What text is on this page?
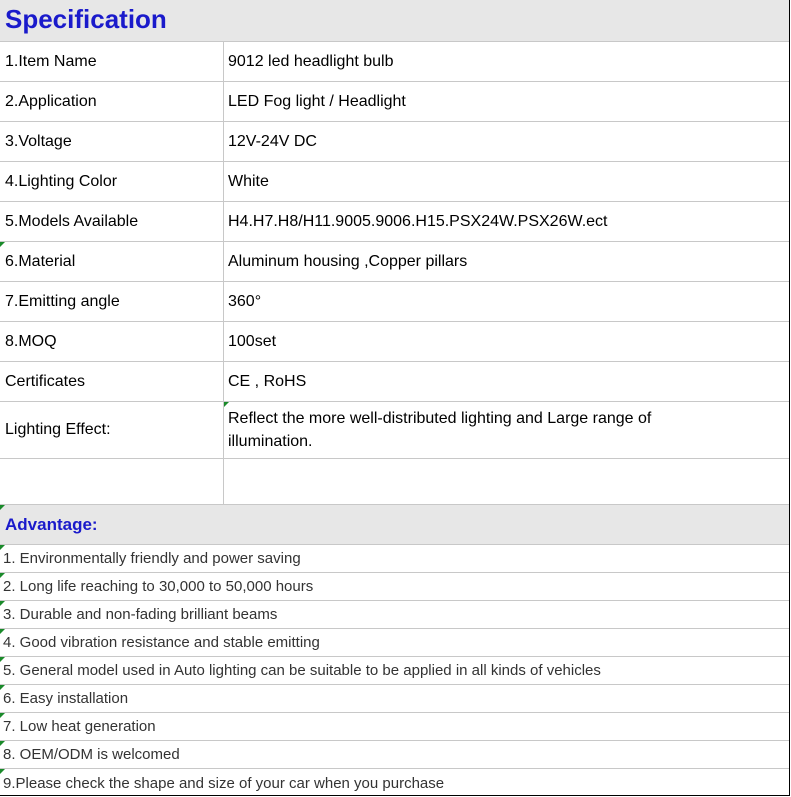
Specification
1.Item Name	9012 led headlight bulb
2.Application	LED Fog light / Headlight
3.Voltage	12V-24V DC
4.Lighting Color	White
5.Models Available	H4.H7.H8/H11.9005.9006.H15.PSX24W.PSX26W.ect
6.Material	Aluminum housing ,Copper pillars
7.Emitting angle	360°
8.MOQ	100set
Certificates	CE , RoHS
Lighting Effect:
Reflect the more well-distributed lighting and Large range of illumination.
Advantage:
1. Environmentally friendly and power saving
2. Long life reaching to 30,000 to 50,000 hours
3. Durable and non-fading brilliant beams
4. Good vibration resistance and stable emitting
5. General model used in Auto lighting can be suitable to be applied in all kinds of vehicles
6. Easy installation
7. Low heat generation
8. OEM/ODM is welcomed
9.Please check the shape and size of your car when you purchase
